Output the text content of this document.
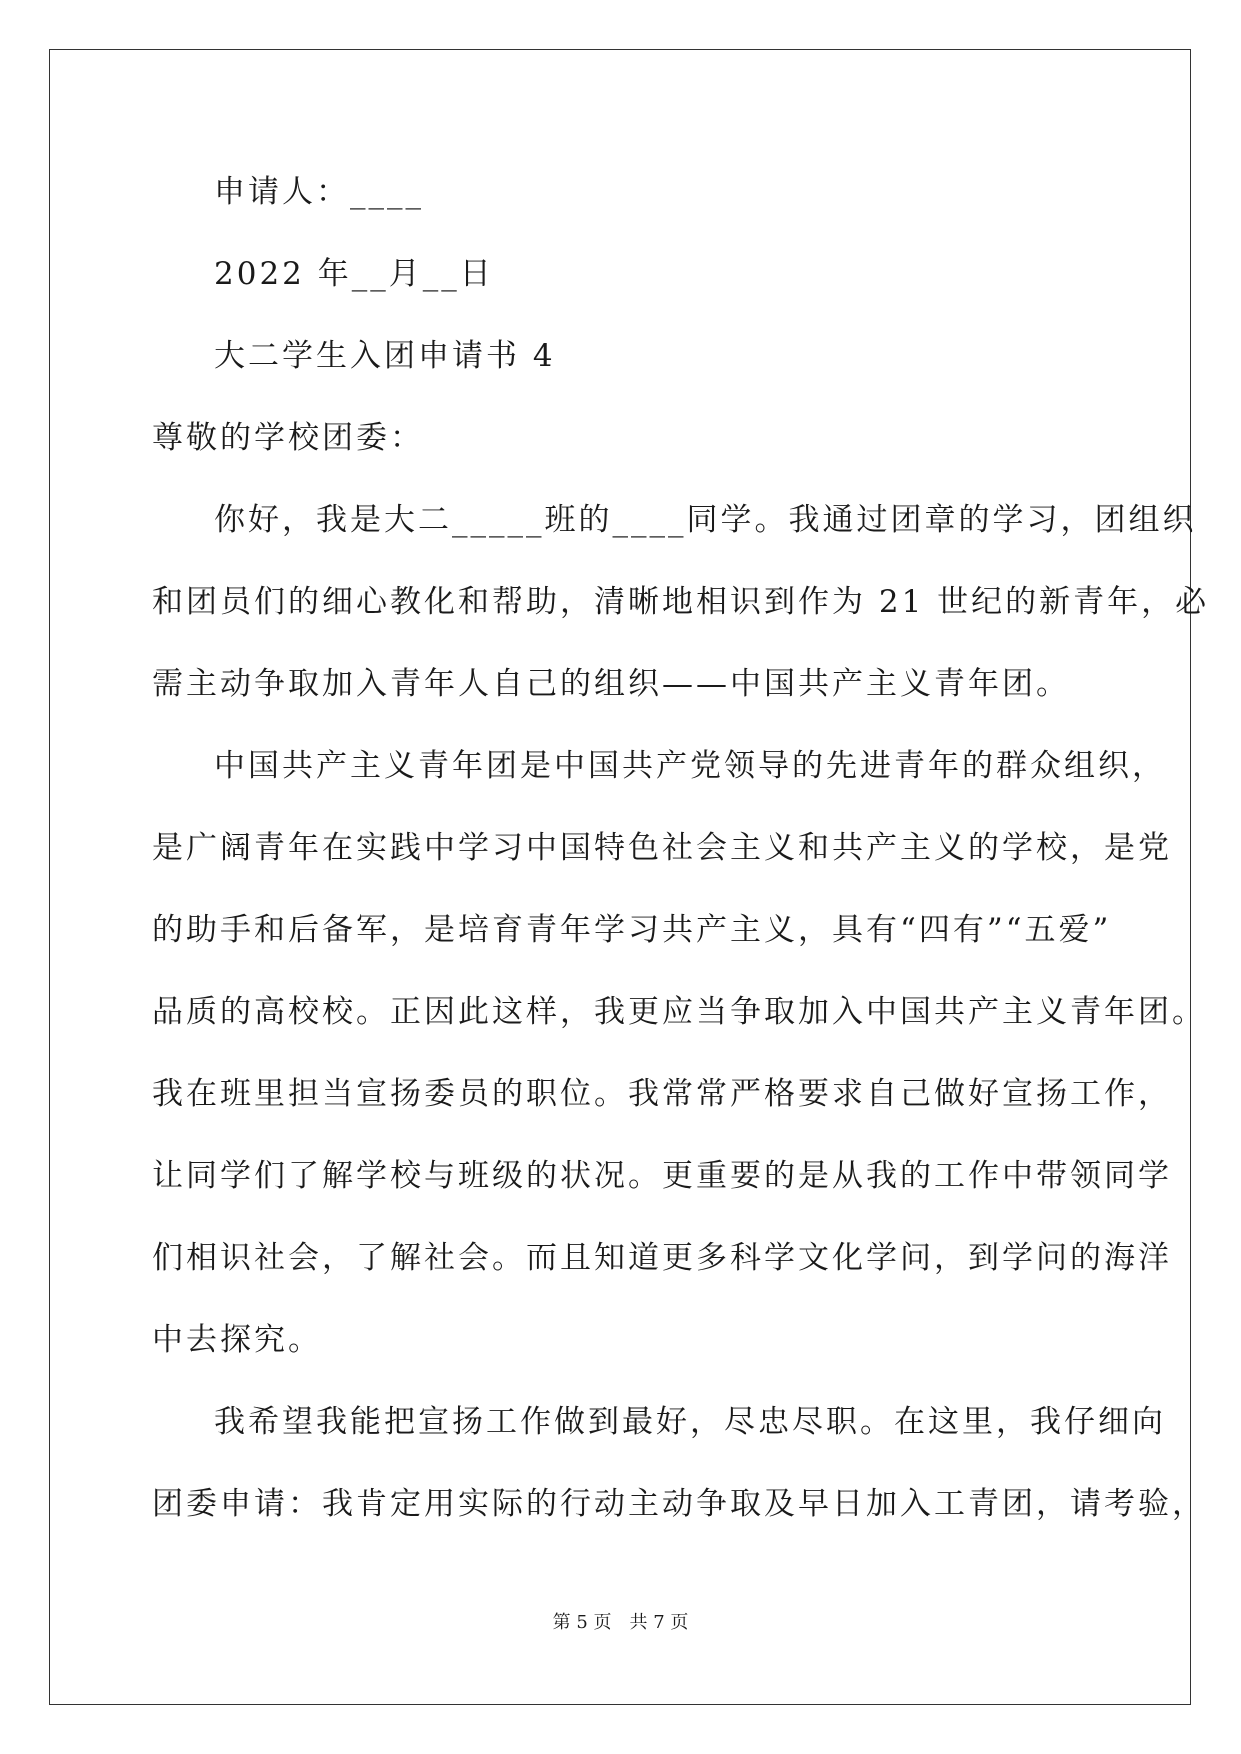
申请人：____
2022 年__月__日
大二学生入团申请书 4
尊敬的学校团委：
你好，我是大二_____班的____同学。我通过团章的学习，团组织
和团员们的细心教化和帮助，清晰地相识到作为 21 世纪的新青年，必
需主动争取加入青年人自己的组织——中国共产主义青年团。
中国共产主义青年团是中国共产党领导的先进青年的群众组织，
是广阔青年在实践中学习中国特色社会主义和共产主义的学校，是党
的助手和后备军，是培育青年学习共产主义，具有“四有”“五爱”
品质的高校校。正因此这样，我更应当争取加入中国共产主义青年团。
我在班里担当宣扬委员的职位。我常常严格要求自己做好宣扬工作，
让同学们了解学校与班级的状况。更重要的是从我的工作中带领同学
们相识社会，了解社会。而且知道更多科学文化学问，到学问的海洋
中去探究。
我希望我能把宣扬工作做到最好，尽忠尽职。在这里，我仔细向
团委申请：我肯定用实际的行动主动争取及早日加入工青团，请考验，
第 5 页　共 7 页
